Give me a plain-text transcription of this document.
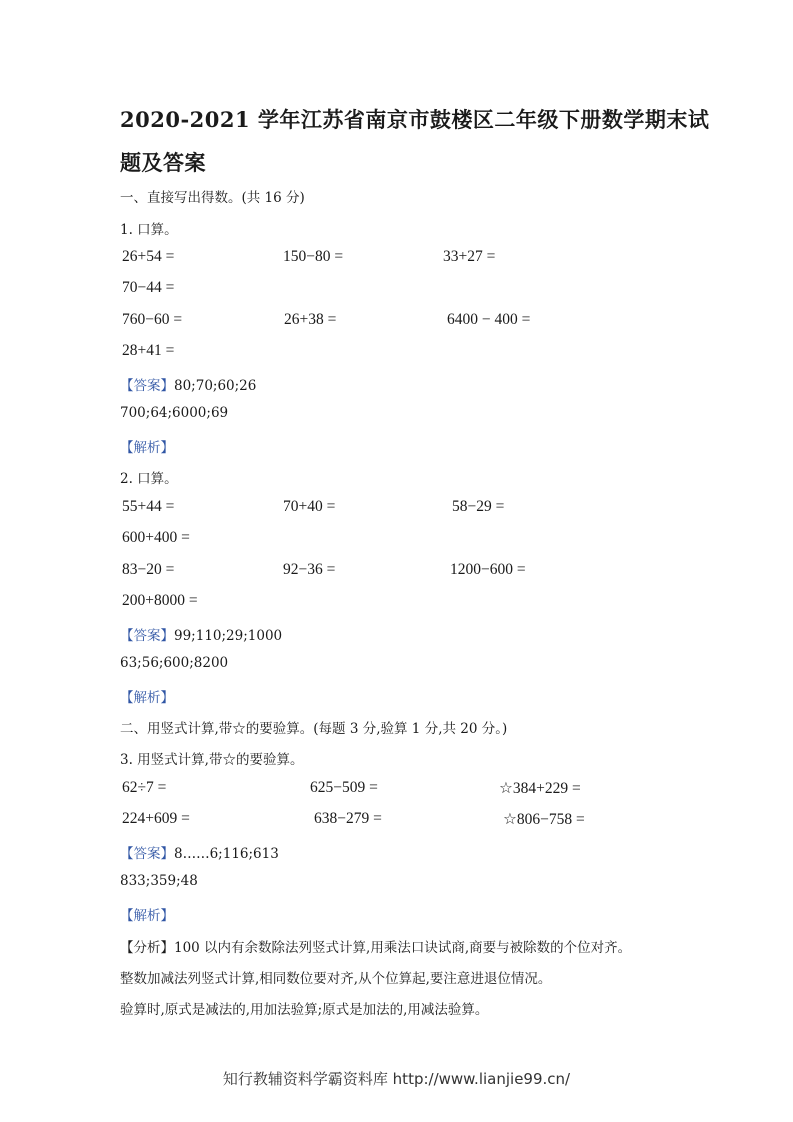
2020-2021 学年江苏省南京市鼓楼区二年级下册数学期末试
题及答案
一、直接写出得数。(共 16 分)
1. 口算。
26+54 =	150−80 =	33+27 =
70−44 =
760−60 =	26+38 =	6400 − 400 =
28+41 =
【答案】80;70;60;26
700;64;6000;69
【解析】
2. 口算。
55+44 =	70+40 =	58−29 =
600+400 =
83−20 =	92−36 =	1200−600 =
200+8000 =
【答案】99;110;29;1000
63;56;600;8200
【解析】
二、用竖式计算,带☆的要验算。(每题 3 分,验算 1 分,共 20 分。)
3. 用竖式计算,带☆的要验算。
62÷7 =	625−509 =	☆384+229 =
224+609 =	638−279 =	☆806−758 =
【答案】8……6;116;613
833;359;48
【解析】
【分析】100 以内有余数除法列竖式计算,用乘法口诀试商,商要与被除数的个位对齐。
整数加减法列竖式计算,相同数位要对齐,从个位算起,要注意进退位情况。
验算时,原式是减法的,用加法验算;原式是加法的,用减法验算。
知行教辅资料学霸资料库 http://www.lianjie99.cn/
